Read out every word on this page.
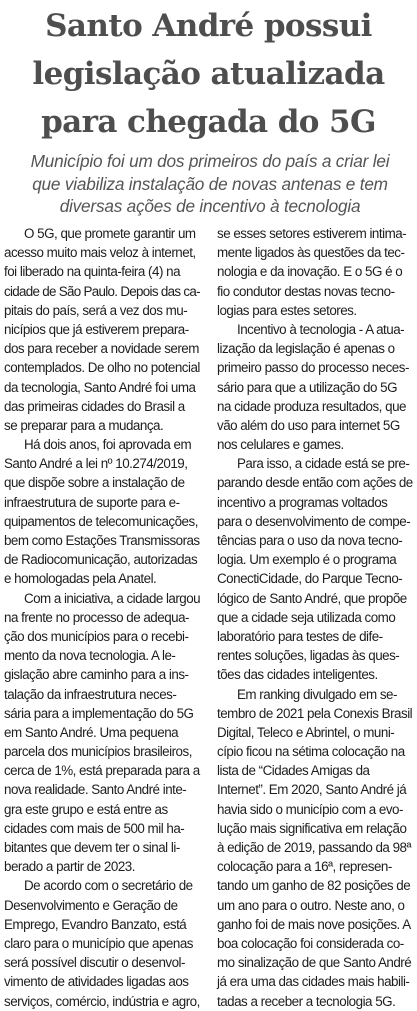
Santo André possui
legislação atualizada
para chegada do 5G
Município foi um dos primeiros do país a criar lei
que viabiliza instalação de novas antenas e tem
diversas ações de incentivo à tecnologia
O 5G, que promete garantir um
acesso muito mais veloz à internet,
foi liberado na quinta-feira (4) na
cidade de São Paulo. Depois das ca-
pitais do país, será a vez dos mu-
nicípios que já estiverem prepara-
dos para receber a novidade serem
contemplados. De olho no potencial
da tecnologia, Santo André foi uma
das primeiras cidades do Brasil a
se preparar para a mudança.
Há dois anos, foi aprovada em
Santo André a lei nº 10.274/2019,
que dispõe sobre a instalação de
infraestrutura de suporte para e-
quipamentos de telecomunicações,
bem como Estações Transmissoras
de Radiocomunicação, autorizadas
e homologadas pela Anatel.
Com a iniciativa, a cidade largou
na frente no processo de adequa-
ção dos municípios para o recebi-
mento da nova tecnologia. A le-
gislação abre caminho para a ins-
talação da infraestrutura neces-
sária para a implementação do 5G
em Santo André. Uma pequena
parcela dos municípios brasileiros,
cerca de 1%, está preparada para a
nova realidade. Santo André inte-
gra este grupo e está entre as
cidades com mais de 500 mil ha-
bitantes que devem ter o sinal li-
berado a partir de 2023.
De acordo com o secretário de
Desenvolvimento e Geração de
Emprego, Evandro Banzato, está
claro para o município que apenas
será possível discutir o desenvol-
vimento de atividades ligadas aos
serviços, comércio, indústria e agro,
se esses setores estiverem intima-
mente ligados às questões da tec-
nologia e da inovação. E o 5G é o
fio condutor destas novas tecno-
logias para estes setores.
Incentivo à tecnologia - A atua-
lização da legislação é apenas o
primeiro passo do processo neces-
sário para que a utilização do 5G
na cidade produza resultados, que
vão além do uso para internet 5G
nos celulares e games.
Para isso, a cidade está se pre-
parando desde então com ações de
incentivo a programas voltados
para o desenvolvimento de compe-
tências para o uso da nova tecno-
logia. Um exemplo é o programa
ConectiCidade, do Parque Tecno-
lógico de Santo André, que propõe
que a cidade seja utilizada como
laboratório para testes de dife-
rentes soluções, ligadas às ques-
tões das cidades inteligentes.
Em ranking divulgado em se-
tembro de 2021 pela Conexis Brasil
Digital, Teleco e Abrintel, o muni-
cípio ficou na sétima colocação na
lista de “Cidades Amigas da
Internet”. Em 2020, Santo André já
havia sido o município com a evo-
lução mais significativa em relação
à edição de 2019, passando da 98ª
colocação para a 16ª, represen-
tando um ganho de 82 posições de
um ano para o outro. Neste ano, o
ganho foi de mais nove posições. A
boa colocação foi considerada co-
mo sinalização de que Santo André
já era uma das cidades mais habili-
tadas a receber a tecnologia 5G.
